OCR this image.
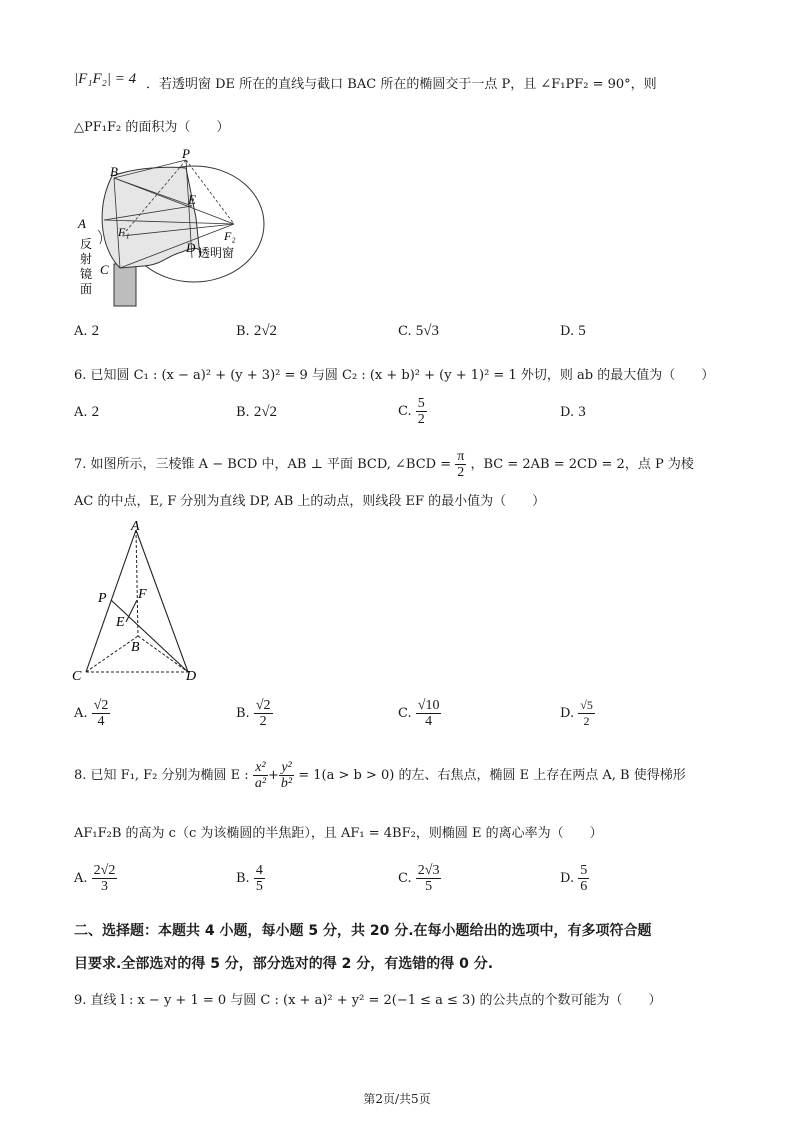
|F₁F₂| = 4 ．若透明窗 DE 所在的直线与截口 BAC 所在的椭圆交于一点 P，且 ∠F₁PF₂ = 90°，则
△PF₁F₂ 的面积为（　　）
P
B
E
A
F₁	F₂
D
C
反
射
镜
面
透明窗
A. 2	B. 2√2	C. 5√3	D. 5
6. 已知圆 C₁ : (x − a)² + (y + 3)² = 9 与圆 C₂ : (x + b)² + (y + 1)² = 1 外切，则 ab 的最大值为（　　）
A. 2	B. 2√2	C. $\frac{5}{2}$	D. 3
7. 如图所示，三棱锥 A − BCD 中，AB ⊥ 平面 BCD, ∠BCD = $\frac{\pi}{2}$ ，BC = 2AB = 2CD = 2，点 P 为棱
AC 的中点，E, F 分别为直线 DP, AB 上的动点，则线段 EF 的最小值为（　　）
A
P F
E
B
C	D
A. $\frac{√2}{4}$	B. $\frac{√2}{2}$	C. $\frac{√10}{4}$	D. $\frac{√5}{2}$
8. 已知 F₁, F₂ 分别为椭圆 E : $\frac{\text{x²}}{\text{a²}} + \frac{\text{y²}}{\text{b²}} = 1(a > b > 0)$ 的左、右焦点，椭圆 E 上存在两点 A, B 使得梯形
AF₁F₂B 的高为 c（c 为该椭圆的半焦距），且 AF₁ = 4BF₂，则椭圆 E 的离心率为（　　）
A. $\frac{2√2}{3}$	B. $\frac{4}{5}$	C. $\frac{2√3}{5}$	D. $\frac{5}{6}$
二、选择题：本题共 4 小题，每小题 5 分，共 20 分.在每小题给出的选项中，有多项符合题
目要求.全部选对的得 5 分，部分选对的得 2 分，有选错的得 0 分.
9. 直线 l : x − y + 1 = 0 与圆 C : (x + a)² + y² = 2(−1 ≤ a ≤ 3) 的公共点的个数可能为（　　）
第2页/共5页
